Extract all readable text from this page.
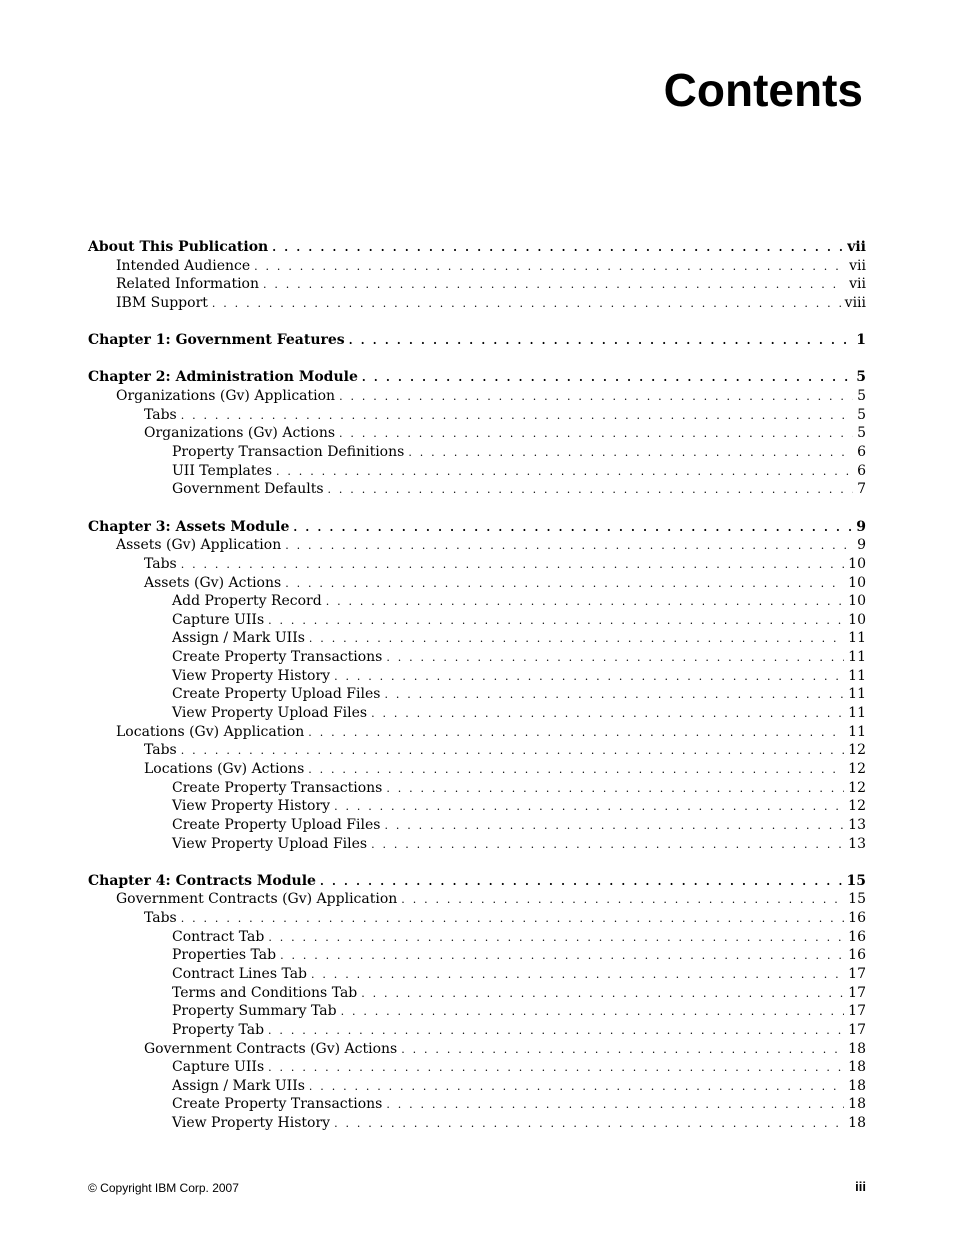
Contents
About This Publication . . .	vii
Intended Audience . . .	vii
Related Information . . .	vii
IBM Support . . .	viii
Chapter 1: Government Features . . .	1
Chapter 2: Administration Module . . .	5
Organizations (Gv) Application . . .	5
Tabs . . .	5
Organizations (Gv) Actions . . .	5
Property Transaction Definitions . . .	6
UII Templates . . .	6
Government Defaults . . .	7
Chapter 3: Assets Module . . .	9
Assets (Gv) Application . . .	9
Tabs . . .	10
Assets (Gv) Actions . . .	10
Add Property Record . . .	10
Capture UIIs . . .	10
Assign / Mark UIIs . . .	11
Create Property Transactions . . .	11
View Property History . . .	11
Create Property Upload Files . . .	11
View Property Upload Files . . .	11
Locations (Gv) Application . . .	11
Tabs . . .	12
Locations (Gv) Actions . . .	12
Create Property Transactions . . .	12
View Property History . . .	12
Create Property Upload Files . . .	13
View Property Upload Files . . .	13
Chapter 4: Contracts Module . . .	15
Government Contracts (Gv) Application . . .	15
Tabs . . .	16
Contract Tab . . .	16
Properties Tab . . .	16
Contract Lines Tab . . .	17
Terms and Conditions Tab . . .	17
Property Summary Tab . . .	17
Property Tab . . .	17
Government Contracts (Gv) Actions . . .	18
Capture UIIs . . .	18
Assign / Mark UIIs . . .	18
Create Property Transactions . . .	18
View Property History . . .	18
© Copyright IBM Corp. 2007	iii
